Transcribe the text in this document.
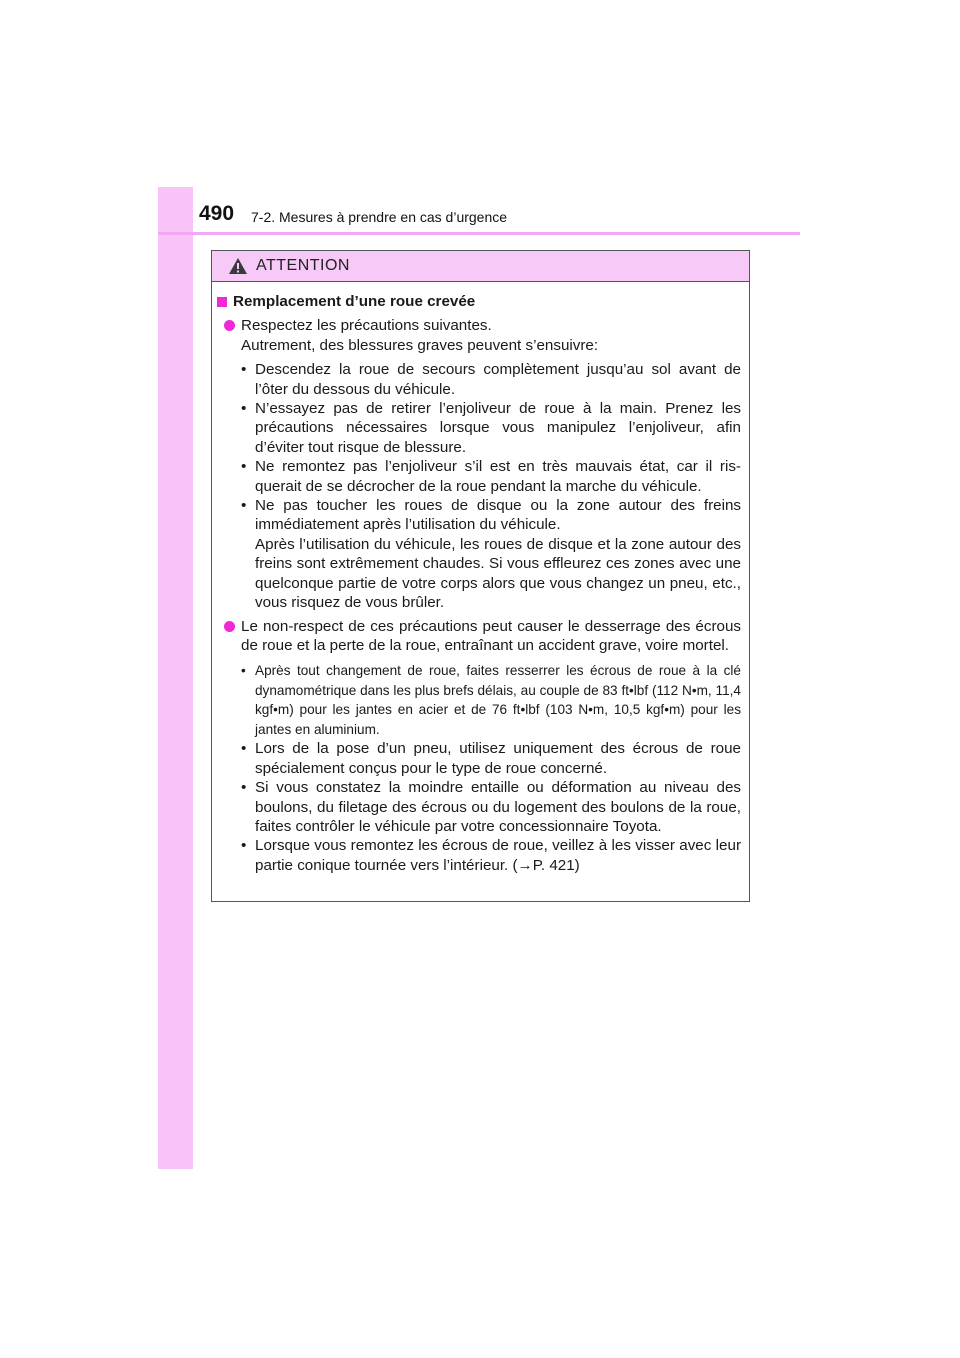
490 7-2. Mesures à prendre en cas d’urgence
ATTENTION
Remplacement d’une roue crevée

Respectez les précautions suivantes.

Autrement, des blessures graves peuvent s’ensuivre:

• Descendez la roue de secours complètement jusqu’au sol avant de l’ôter du dessous du véhicule.
• N’essayez pas de retirer l’enjoliveur de roue à la main. Prenez les précautions nécessaires lorsque vous manipulez l’enjoliveur, afin d’éviter tout risque de blessure.
• Ne remontez pas l’enjoliveur s’il est en très mauvais état, car il ris-querait de se décrocher de la roue pendant la marche du véhicule.
• Ne pas toucher les roues de disque ou la zone autour des freins immédiatement après l’utilisation du véhicule.
Après l’utilisation du véhicule, les roues de disque et la zone autour des freins sont extrêmement chaudes. Si vous effleurez ces zones avec une quelconque partie de votre corps alors que vous changez un pneu, etc., vous risquez de vous brûler.

Le non-respect de ces précautions peut causer le desserrage des écrous de roue et la perte de la roue, entraînant un accident grave, voire mortel.

• Après tout changement de roue, faites resserrer les écrous de roue à la clé dynamométrique dans les plus brefs délais, au couple de 83 ft•lbf (112 N•m, 11,4 kgf•m) pour les jantes en acier et de 76 ft•lbf (103 N•m, 10,5 kgf•m) pour les jantes en aluminium.
• Lors de la pose d’un pneu, utilisez uniquement des écrous de roue spécialement conçus pour le type de roue concerné.
• Si vous constatez la moindre entaille ou déformation au niveau des boulons, du filetage des écrous ou du logement des boulons de la roue, faites contrôler le véhicule par votre concessionnaire Toyota.
• Lorsque vous remontez les écrous de roue, veillez à les visser avec leur partie conique tournée vers l’intérieur. (→P. 421)
